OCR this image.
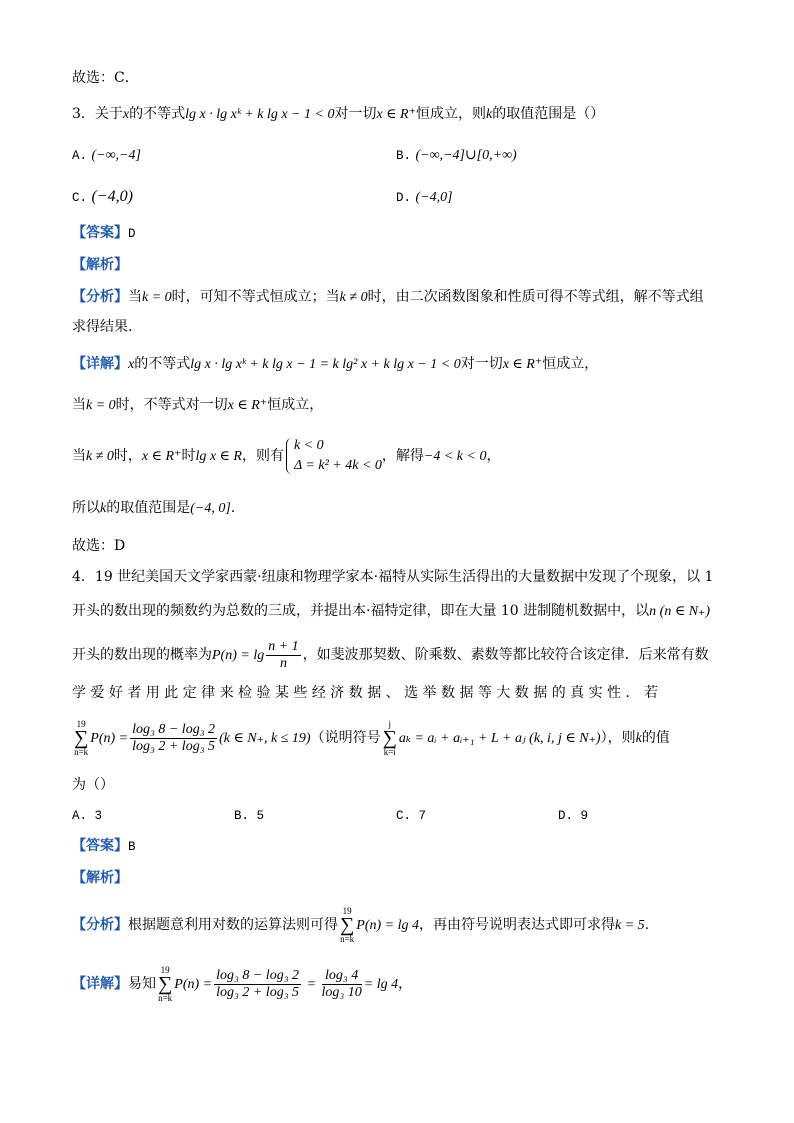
故选：C．
3．关于x的不等式lg x · lg xᵏ + k lg x − 1 < 0对一切x ∈ R⁺恒成立，则k的取值范围是（）
A. (−∞,−4]	B. (−∞,−4]∪[0,+∞)
C. (−4,0)	D. (−4,0]
【答案】D
【解析】
【分析】当k = 0时，可知不等式恒成立；当k ≠ 0时，由二次函数图象和性质可得不等式组，解不等式组
求得结果.
【详解】x的不等式lg x · lg xᵏ + k lg x − 1 = k lg² x + k lg x − 1 < 0对一切x ∈ R⁺恒成立，
当k = 0时，不等式对一切x ∈ R⁺恒成立，
当k ≠ 0时，x ∈ R⁺时lg x ∈ R，则有
k < 0
Δ = k² + 4k < 0
，解得−4 < k < 0，
所以k的取值范围是(−4, 0].
故选：D
4．19 世纪美国天文学家西蒙·纽康和物理学家本·福特从实际生活得出的大量数据中发现了个现象，以 1
开头的数出现的频数约为总数的三成，并提出本·福特定律，即在大量 10 进制随机数据中，以n (n ∈ N₊)
开头的数出现的概率为$P(n) = \lg \frac{n + 1}{n}$ ，如斐波那契数、阶乘数、素数等都比较符合该定律．后来常有数
学 爱 好 者 用 此 定 律 来 检 验 某 些 经 济 数 据 、 选 举 数 据 等 大 数 据 的 真 实 性 ． 若
19
∑
n=k
$P(n) = \frac{\text{log₃ 8 − log₃ 2}}{\text{log₃ 2 + log₃ 5}} (k$ ∈ N₊, k ≤ 19)（说明符号
j
∑
k=i
aₖ = aᵢ + aᵢ₊₁ + L + aⱼ (k, i, j ∈ N₊)），则k的值
为（）
A. 3	B. 5	C. 7	D. 9
【答案】B
【解析】
【分析】根据题意利用对数的运算法则可得
19
∑
n=k
P(n) = lg 4，再由符号说明表达式即可求得k = 5.
【详解】易知
19
∑
n=k
$P(n) = \frac{\text{log₃ 8 − log₃ 2}}{\text{log₃ 2 + log₃ 5}} = \frac{\text{log₃ 4}}{\text{log₃ 10}} = \lg 4$，
